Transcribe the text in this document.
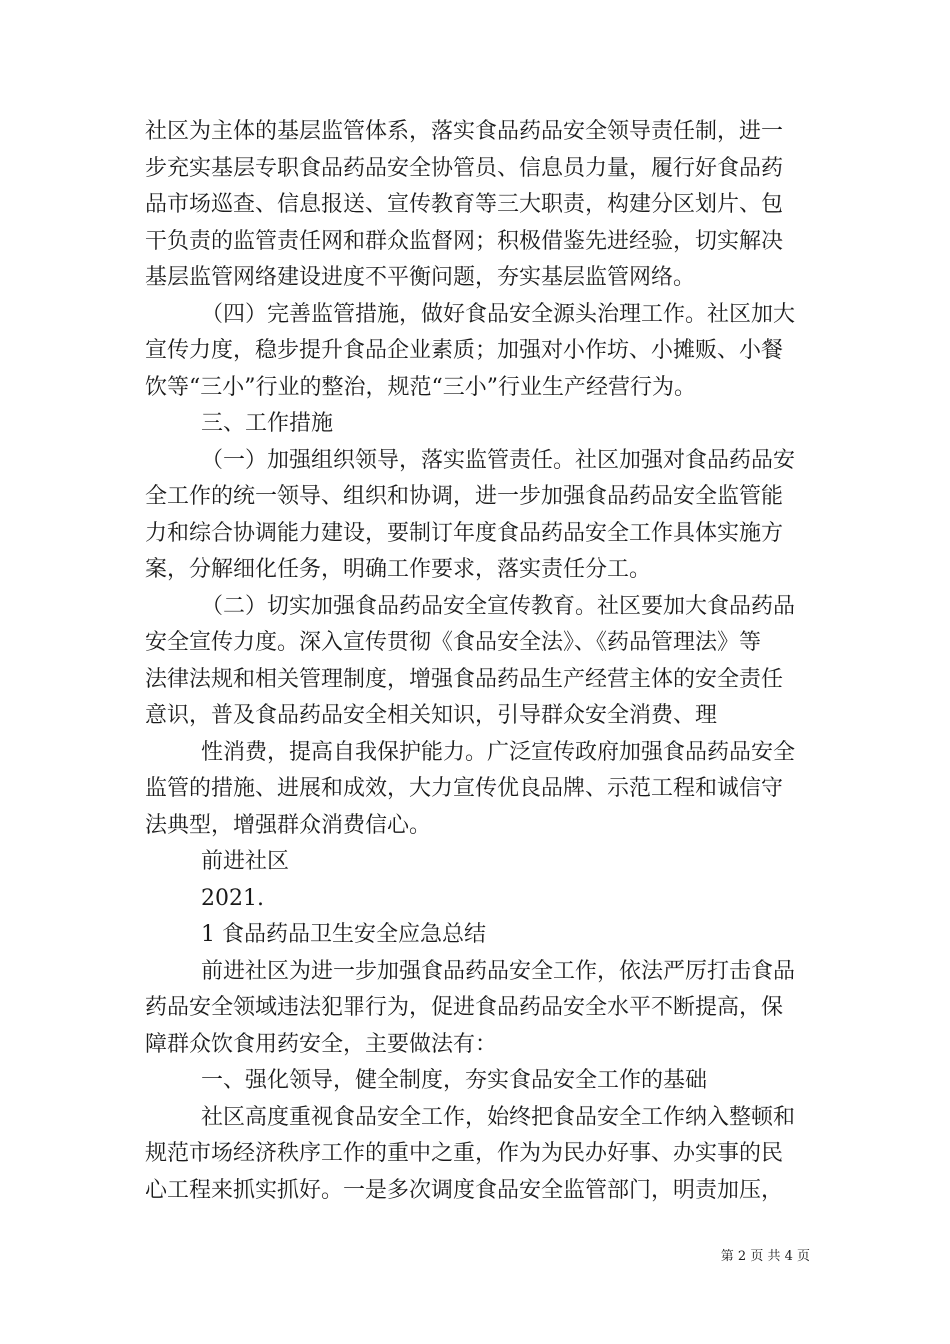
社区为主体的基层监管体系，落实食品药品安全领导责任制，进一
步充实基层专职食品药品安全协管员、信息员力量，履行好食品药
品市场巡查、信息报送、宣传教育等三大职责，构建分区划片、包
干负责的监管责任网和群众监督网；积极借鉴先进经验，切实解决
基层监管网络建设进度不平衡问题，夯实基层监管网络。
（四）完善监管措施，做好食品安全源头治理工作。社区加大
宣传力度，稳步提升食品企业素质；加强对小作坊、小摊贩、小餐
饮等“三小”行业的整治，规范“三小”行业生产经营行为。
三、工作措施
（一）加强组织领导，落实监管责任。社区加强对食品药品安
全工作的统一领导、组织和协调，进一步加强食品药品安全监管能
力和综合协调能力建设，要制订年度食品药品安全工作具体实施方
案，分解细化任务，明确工作要求，落实责任分工。
（二）切实加强食品药品安全宣传教育。社区要加大食品药品
安全宣传力度。深入宣传贯彻《食品安全法》、《药品管理法》等
法律法规和相关管理制度，增强食品药品生产经营主体的安全责任
意识，普及食品药品安全相关知识，引导群众安全消费、理
性消费，提高自我保护能力。广泛宣传政府加强食品药品安全
监管的措施、进展和成效，大力宣传优良品牌、示范工程和诚信守
法典型，增强群众消费信心。
前进社区
2021.
1 食品药品卫生安全应急总结
前进社区为进一步加强食品药品安全工作，依法严厉打击食品
药品安全领域违法犯罪行为，促进食品药品安全水平不断提高，保
障群众饮食用药安全，主要做法有：
一、强化领导，健全制度，夯实食品安全工作的基础
社区高度重视食品安全工作，始终把食品安全工作纳入整顿和
规范市场经济秩序工作的重中之重，作为为民办好事、办实事的民
心工程来抓实抓好。一是多次调度食品安全监管部门，明责加压，
第 2 页 共 4 页
